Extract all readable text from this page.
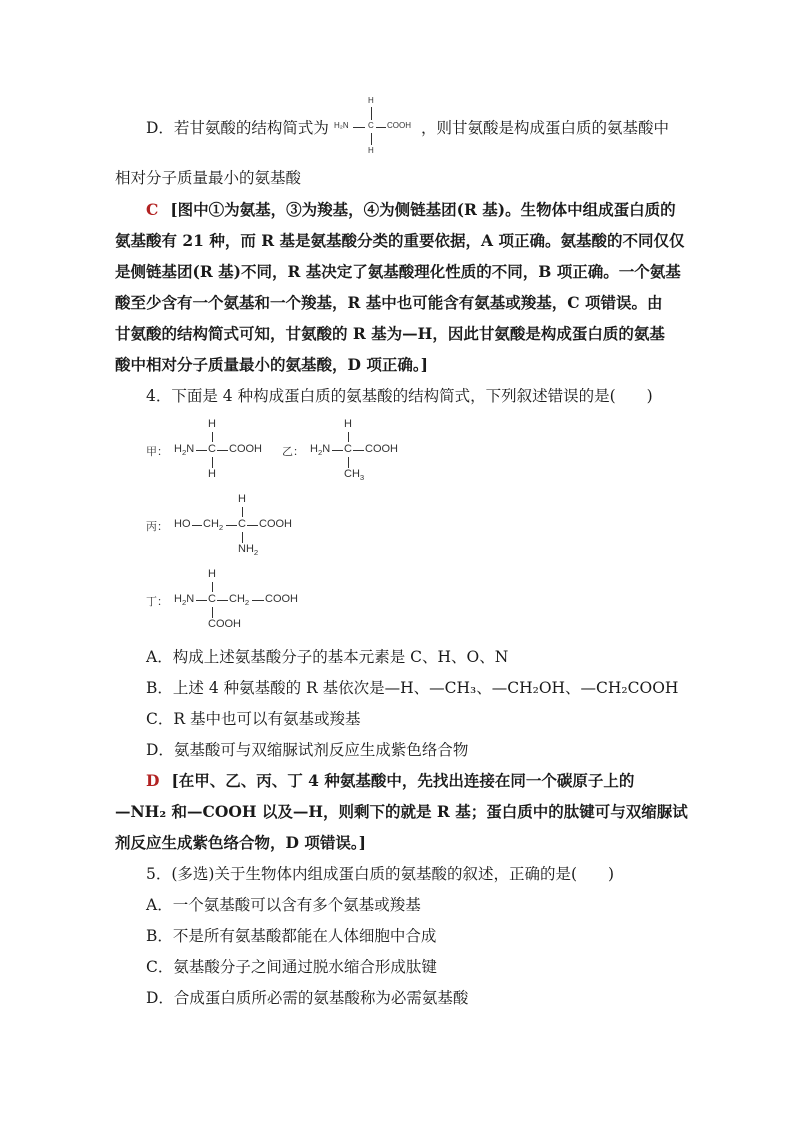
D．若甘氨酸的结构简式为	，则甘氨酸是构成蛋白质的氨基酸中
H
H₂N C COOH
H
相对分子质量最小的氨基酸
C [图中①为氨基，③为羧基，④为侧链基团(R 基)。生物体中组成蛋白质的
氨基酸有 21 种，而 R 基是氨基酸分类的重要依据，A 项正确。氨基酸的不同仅仅
是侧链基团(R 基)不同，R 基决定了氨基酸理化性质的不同，B 项正确。一个氨基
酸至少含有一个氨基和一个羧基，R 基中也可能含有氨基或羧基，C 项错误。由
甘氨酸的结构简式可知，甘氨酸的 R 基为—H，因此甘氨酸是构成蛋白质的氨基
酸中相对分子质量最小的氨基酸，D 项正确。]
4．下面是 4 种构成蛋白质的氨基酸的结构简式，下列叙述错误的是(　　)
H
甲： $H_2N$ C COOH
H
H
乙： $H_2N$ C COOH
$CH_3$
H
丙： HO $CH_2$ C COOH
$NH_2$
H
丁： $H_2N$ C $CH_2$ COOH
COOH
A．构成上述氨基酸分子的基本元素是 C、H、O、N
B．上述 4 种氨基酸的 R 基依次是—H、—CH₃、—CH₂OH、—CH₂COOH
C．R 基中也可以有氨基或羧基
D．氨基酸可与双缩脲试剂反应生成紫色络合物
D [在甲、乙、丙、丁 4 种氨基酸中，先找出连接在同一个碳原子上的
—NH₂ 和—COOH 以及—H，则剩下的就是 R 基；蛋白质中的肽键可与双缩脲试
剂反应生成紫色络合物，D 项错误。]
5．(多选)关于生物体内组成蛋白质的氨基酸的叙述，正确的是(　　)
A．一个氨基酸可以含有多个氨基或羧基
B．不是所有氨基酸都能在人体细胞中合成
C．氨基酸分子之间通过脱水缩合形成肽键
D．合成蛋白质所必需的氨基酸称为必需氨基酸
